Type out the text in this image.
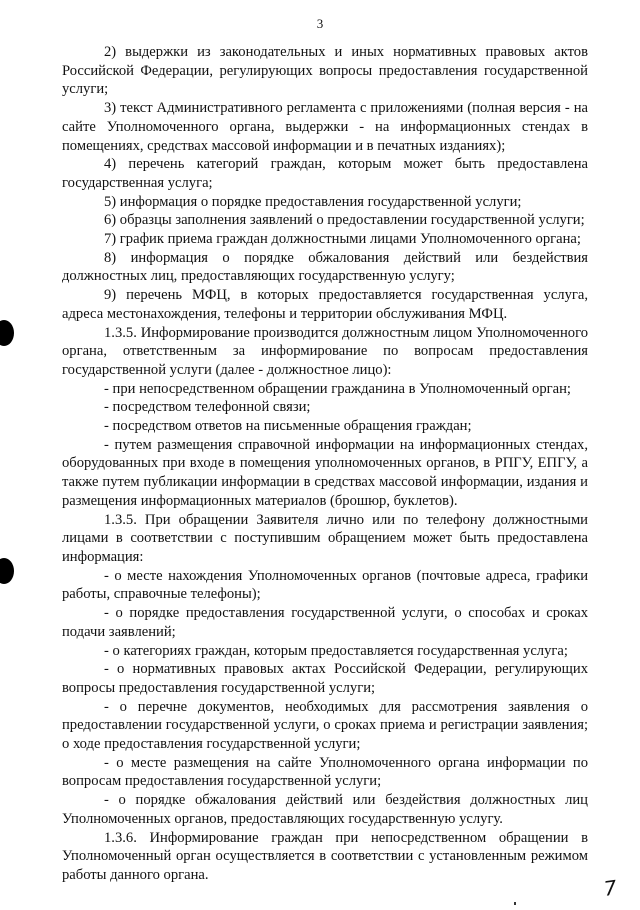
3

2) выдержки из законодательных и иных нормативных правовых актов Российской Федерации, регулирующих вопросы предоставления государственной услуги;

3) текст Административного регламента с приложениями (полная версия - на сайте Уполномоченного органа, выдержки - на информационных стендах в помещениях, средствах массовой информации и в печатных изданиях);

4) перечень категорий граждан, которым может быть предоставлена государственная услуга;

5) информация о порядке предоставления государственной услуги;

6) образцы заполнения заявлений о предоставлении государственной услуги;

7) график приема граждан должностными лицами Уполномоченного органа;

8) информация о порядке обжалования действий или бездействия должностных лиц, предоставляющих государственную услугу;

9) перечень МФЦ, в которых предоставляется государственная услуга, адреса местонахождения, телефоны и территории обслуживания МФЦ.

1.3.5. Информирование производится должностным лицом Уполномоченного органа, ответственным за информирование по вопросам предоставления государственной услуги (далее - должностное лицо):

- при непосредственном обращении гражданина в Уполномоченный орган;

- посредством телефонной связи;

- посредством ответов на письменные обращения граждан;

- путем размещения справочной информации на информационных стендах, оборудованных при входе в помещения уполномоченных органов, в РПГУ, ЕПГУ, а также путем публикации информации в средствах массовой информации, издания и размещения информационных материалов (брошюр, буклетов).

1.3.5. При обращении Заявителя лично или по телефону должностными лицами в соответствии с поступившим обращением может быть предоставлена информация:

- о месте нахождения Уполномоченных органов (почтовые адреса, графики работы, справочные телефоны);

- о порядке предоставления государственной услуги, о способах и сроках подачи заявлений;

- о категориях граждан, которым предоставляется государственная услуга;

- о нормативных правовых актах Российской Федерации, регулирующих вопросы предоставления государственной услуги;

- о перечне документов, необходимых для рассмотрения заявления о предоставлении государственной услуги, о сроках приема и регистрации заявления; о ходе предоставления государственной услуги;

- о месте размещения на сайте Уполномоченного органа информации по вопросам предоставления государственной услуги;

- о порядке обжалования действий или бездействия должностных лиц Уполномоченных органов, предоставляющих государственную услугу.

1.3.6. Информирование граждан при непосредственном обращении в Уполномоченный орган осуществляется в соответствии с установленным режимом работы данного органа.

7
